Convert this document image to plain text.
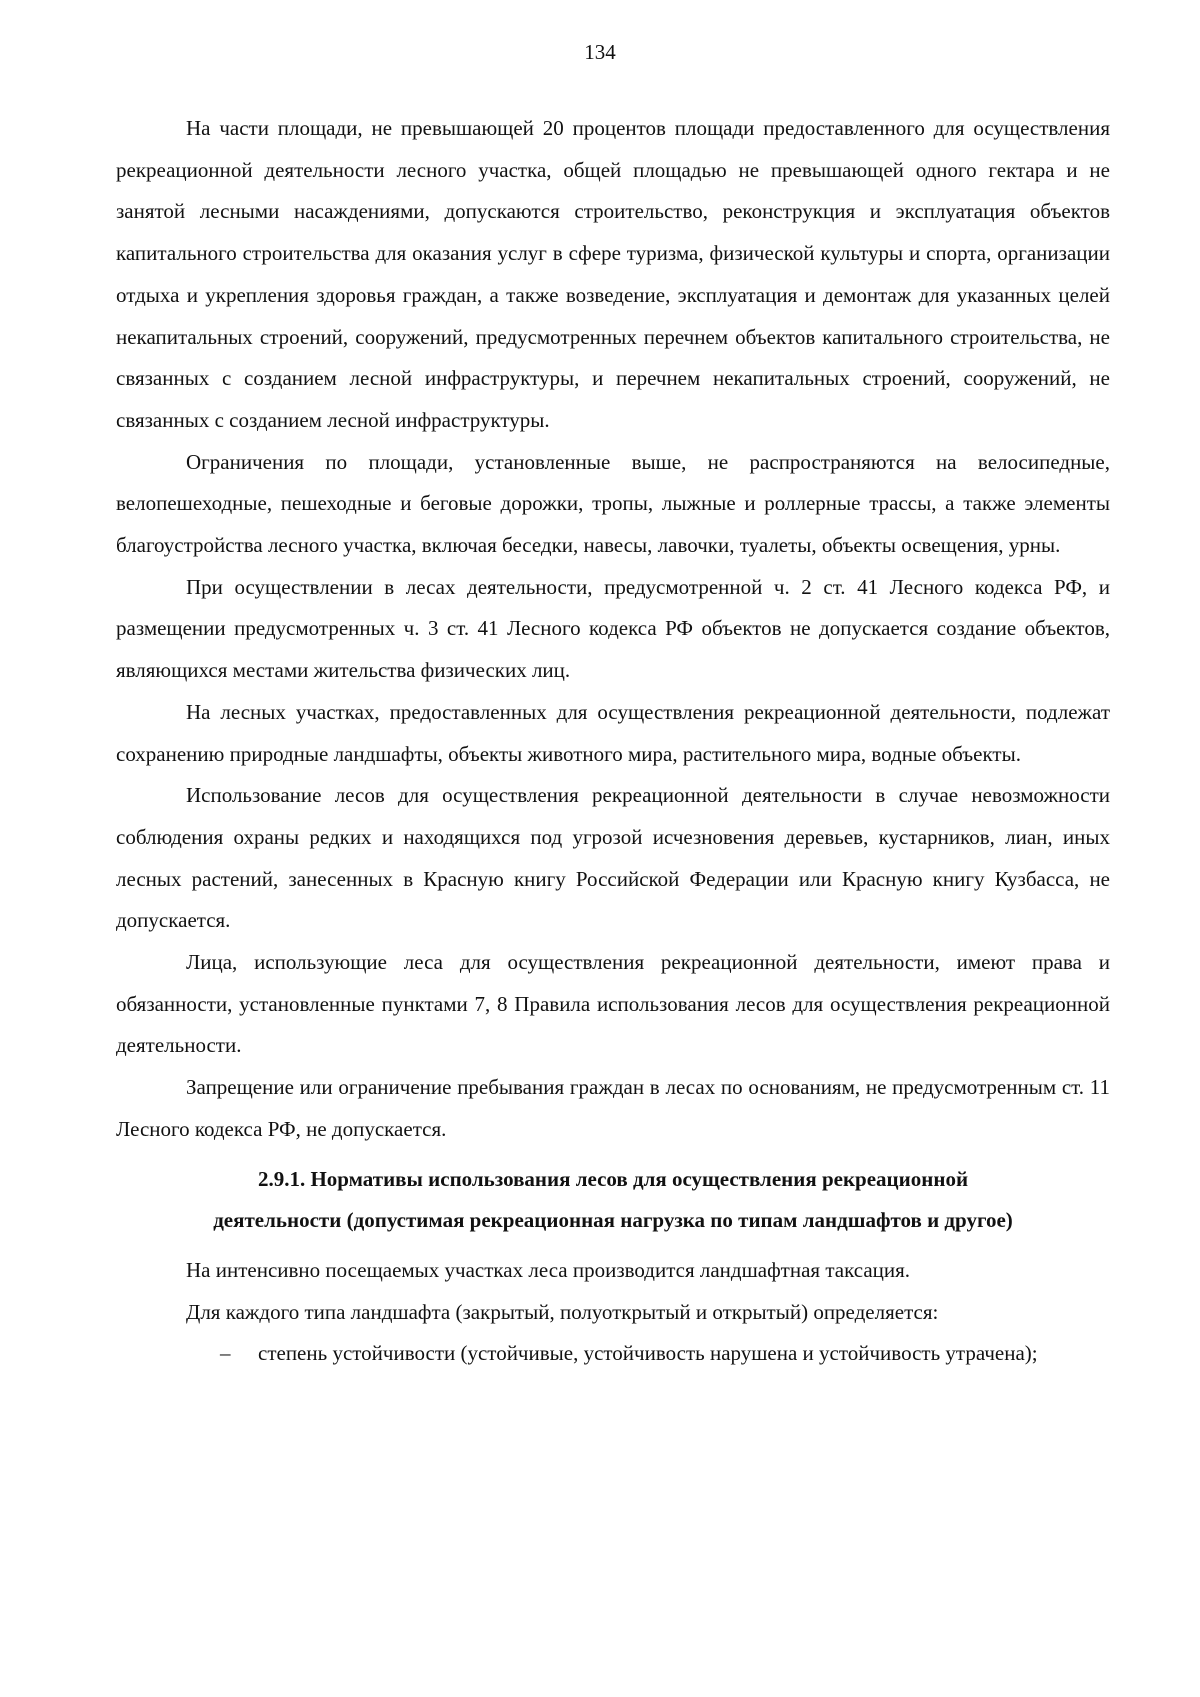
134

На части площади, не превышающей 20 процентов площади предоставленного для осуществления рекреационной деятельности лесного участка, общей площадью не превышающей одного гектара и не занятой лесными насаждениями, допускаются строительство, реконструкция и эксплуатация объектов капитального строительства для оказания услуг в сфере туризма, физической культуры и спорта, организации отдыха и укрепления здоровья граждан, а также возведение, эксплуатация и демонтаж для указанных целей некапитальных строений, сооружений, предусмотренных перечнем объектов капитального строительства, не связанных с созданием лесной инфраструктуры, и перечнем некапитальных строений, сооружений, не связанных с созданием лесной инфраструктуры.

Ограничения по площади, установленные выше, не распространяются на велосипедные, велопешеходные, пешеходные и беговые дорожки, тропы, лыжные и роллерные трассы, а также элементы благоустройства лесного участка, включая беседки, навесы, лавочки, туалеты, объекты освещения, урны.

При осуществлении в лесах деятельности, предусмотренной ч. 2 ст. 41 Лесного кодекса РФ, и размещении предусмотренных ч. 3 ст. 41 Лесного кодекса РФ объектов не допускается создание объектов, являющихся местами жительства физических лиц.

На лесных участках, предоставленных для осуществления рекреационной деятельности, подлежат сохранению природные ландшафты, объекты животного мира, растительного мира, водные объекты.

Использование лесов для осуществления рекреационной деятельности в случае невозможности соблюдения охраны редких и находящихся под угрозой исчезновения деревьев, кустарников, лиан, иных лесных растений, занесенных в Красную книгу Российской Федерации или Красную книгу Кузбасса, не допускается.

Лица, использующие леса для осуществления рекреационной деятельности, имеют права и обязанности, установленные пунктами 7, 8 Правила использования лесов для осуществления рекреационной деятельности.

Запрещение или ограничение пребывания граждан в лесах по основаниям, не предусмотренным ст. 11 Лесного кодекса РФ, не допускается.

2.9.1. Нормативы использования лесов для осуществления рекреационной
деятельности (допустимая рекреационная нагрузка по типам ландшафтов и другое)

На интенсивно посещаемых участках леса производится ландшафтная таксация.

Для каждого типа ландшафта (закрытый, полуоткрытый и открытый) определяется:

– степень устойчивости (устойчивые, устойчивость нарушена и устойчивость утрачена);
